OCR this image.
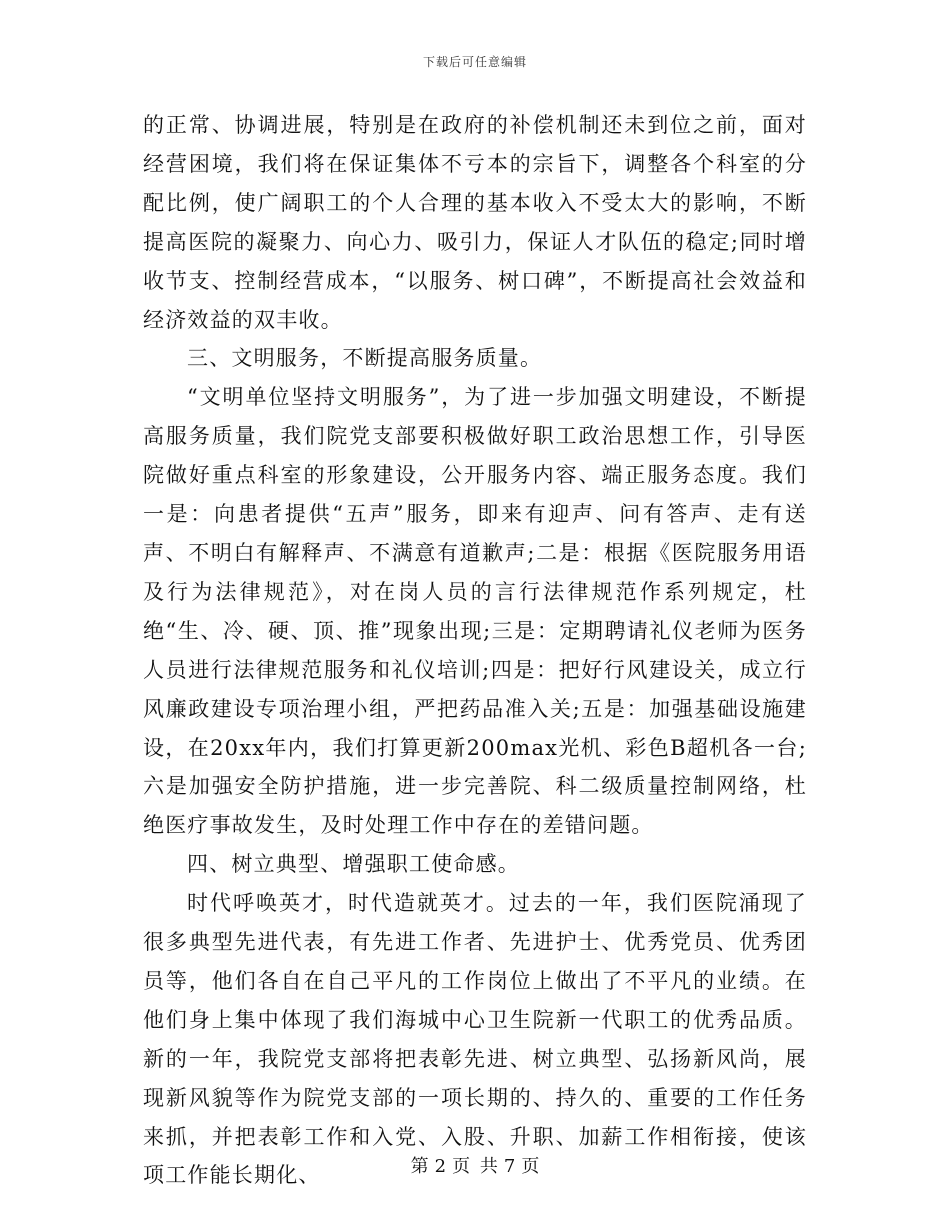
下载后可任意编辑

的正常、协调进展，特别是在政府的补偿机制还未到位之前，面对经营困境，我们将在保证集体不亏本的宗旨下，调整各个科室的分配比例，使广阔职工的个人合理的基本收入不受太大的影响，不断提高医院的凝聚力、向心力、吸引力，保证人才队伍的稳定;同时增收节支、控制经营成本，“以服务、树口碑”，不断提高社会效益和经济效益的双丰收。

三、文明服务，不断提高服务质量。

“文明单位坚持文明服务”，为了进一步加强文明建设，不断提高服务质量，我们院党支部要积极做好职工政治思想工作，引导医院做好重点科室的形象建设，公开服务内容、端正服务态度。我们一是：向患者提供“五声”服务，即来有迎声、问有答声、走有送声、不明白有解释声、不满意有道歉声;二是：根据《医院服务用语及行为法律规范》，对在岗人员的言行法律规范作系列规定，杜绝“生、冷、硬、顶、推”现象出现;三是：定期聘请礼仪老师为医务人员进行法律规范服务和礼仪培训;四是：把好行风建设关，成立行风廉政建设专项治理小组，严把药品准入关;五是：加强基础设施建设，在20xx年内，我们打算更新200max光机、彩色B超机各一台;六是加强安全防护措施，进一步完善院、科二级质量控制网络，杜绝医疗事故发生，及时处理工作中存在的差错问题。

四、树立典型、增强职工使命感。

时代呼唤英才，时代造就英才。过去的一年，我们医院涌现了很多典型先进代表，有先进工作者、先进护士、优秀党员、优秀团员等，他们各自在自己平凡的工作岗位上做出了不平凡的业绩。在他们身上集中体现了我们海城中心卫生院新一代职工的优秀品质。新的一年，我院党支部将把表彰先进、树立典型、弘扬新风尚，展现新风貌等作为院党支部的一项长期的、持久的、重要的工作任务来抓，并把表彰工作和入党、入股、升职、加薪工作相衔接，使该项工作能长期化、	第 2 页 共 7 页
